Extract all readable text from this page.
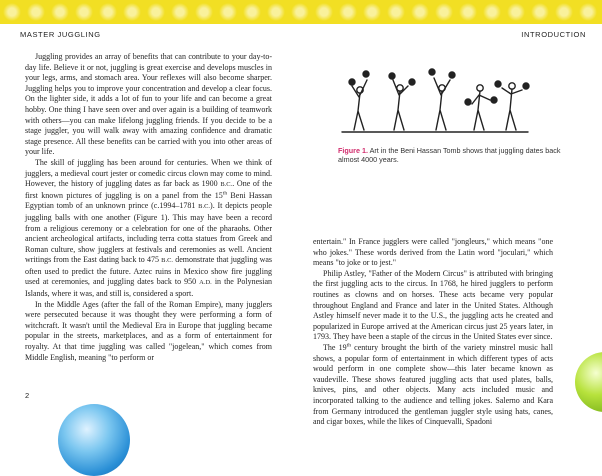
MASTER JUGGLING	INTRODUCTION

Juggling provides an array of benefits that can contribute to your day-to-day life. Believe it or not, juggling is great exercise and develops muscles in your legs, arms, and stomach area. Your reflexes will also become sharper. Juggling helps you to improve your concentration and develop a clear focus. On the lighter side, it adds a lot of fun to your life and can become a great hobby. One thing I have seen over and over again is a building of teamwork with others—you can make lifelong juggling friends. If you decide to be a stage juggler, you will walk away with amazing confidence and dramatic stage presence. All these benefits can be carried with you into other areas of your life.

The skill of juggling has been around for centuries. When we think of jugglers, a medieval court jester or comedic circus clown may come to mind. However, the history of juggling dates as far back as 1900 B.C.. One of the first known pictures of juggling is on a panel from the 15th Beni Hassan Egyptian tomb of an unknown prince (c.1994–1781 B.C.). It depicts people juggling balls with one another (Figure 1). This may have been a record from a religious ceremony or a celebration for one of the pharaohs. Other ancient archeological artifacts, including terra cotta statues from Greek and Roman culture, show jugglers at festivals and ceremonies as well. Ancient writings from the East dating back to 475 B.C. demonstrate that juggling was often used to predict the future. Aztec ruins in Mexico show fire juggling used at ceremonies, and juggling dates back to 950 A.D. in the Polynesian Islands, where it was, and still is, considered a sport.

In the Middle Ages (after the fall of the Roman Empire), many jugglers were persecuted because it was thought they were performing a form of witchcraft. It wasn't until the Medieval Era in Europe that juggling became popular in the streets, marketplaces, and as a form of entertainment for royalty. At that time juggling was called "jogelean," which comes from Middle English, meaning "to perform or

Figure 1. Art in the Beni Hassan Tomb shows that juggling dates back almost 4000 years.

entertain." In France jugglers were called "jongleurs," which means "one who jokes." These words derived from the Latin word "joculari," which means "to joke or to jest."

Philip Astley, "Father of the Modern Circus" is attributed with bringing the first juggling acts to the circus. In 1768, he hired jugglers to perform routines as clowns and on horses. These acts became very popular throughout England and France and later in the United States. Although Astley himself never made it to the U.S., the juggling acts he created and popularized in Europe arrived at the American circus just 25 years later, in 1793. They have been a staple of the circus in the United States ever since.

The 19th century brought the birth of the variety minstrel music hall shows, a popular form of entertainment in which different types of acts would perform in one complete show—this later became known as vaudeville. These shows featured juggling acts that used plates, balls, knives, pins, and other objects. Many acts included music and incorporated talking to the audience and telling jokes. Salerno and Kara from Germany introduced the gentleman juggler style using hats, canes, and cigar boxes, while the likes of Cinquevalli, Spadoni

2
